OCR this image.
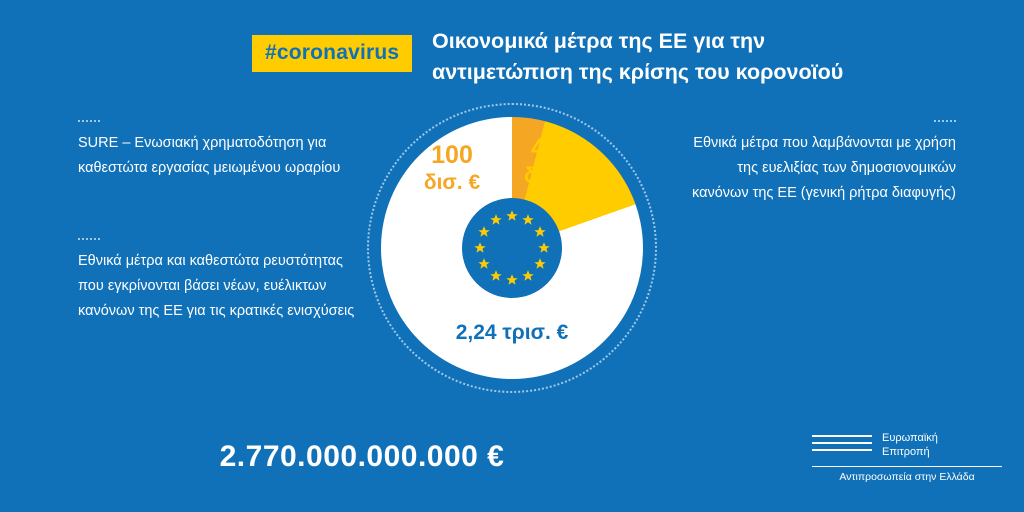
#coronavirus	Οικονομικά μέτρα της ΕΕ για την αντιμετώπιση της κρίσης του κορονοϊού
2,24 τρισ. €
100
δισ. €
430
δισ. €
SURE – Ενωσιακή χρηματοδότηση για καθεστώτα εργασίας μειωμένου ωραρίου
Εθνικά μέτρα και καθεστώτα ρευστότητας που εγκρίνονται βάσει νέων, ευέλικτων κανόνων της ΕΕ για τις κρατικές ενισχύσεις
Εθνικά μέτρα που λαμβάνονται με χρήση της ευελιξίας των δημοσιονομικών κανόνων της ΕΕ (γενική ρήτρα διαφυγής)
2.770.000.000.000 €
Ευρωπαϊκή
Επιτροπή
Αντιπροσωπεία στην Ελλάδα
